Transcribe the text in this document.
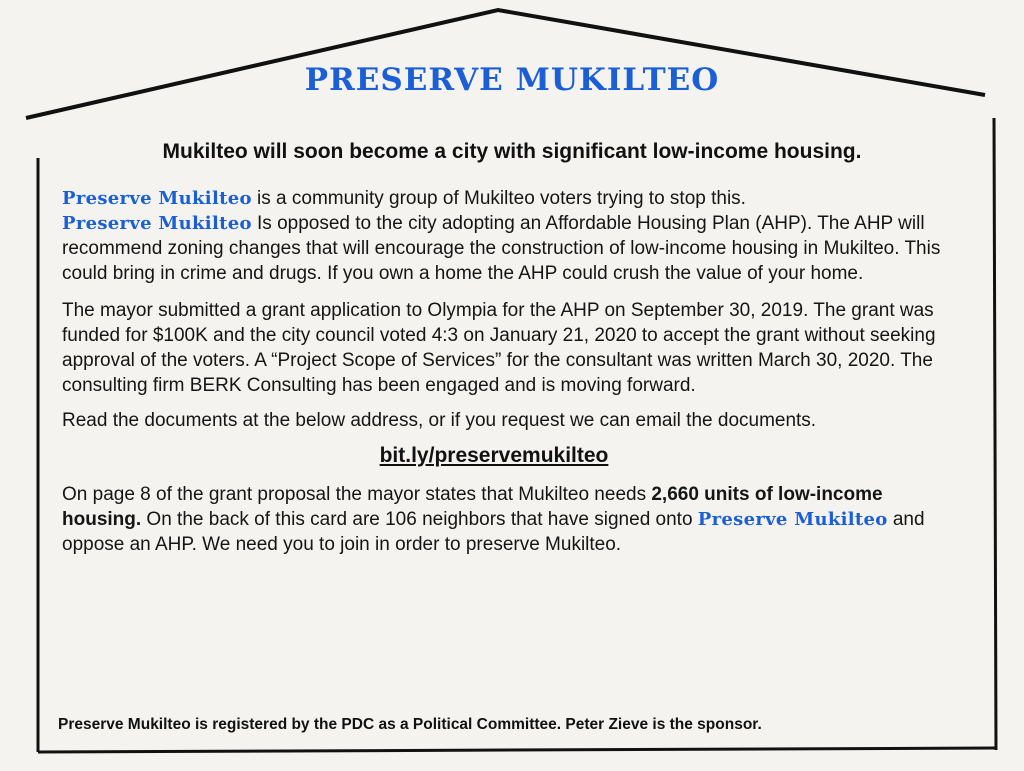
PRESERVE MUKILTEO
Mukilteo will soon become a city with significant low-income housing.

Preserve Mukilteo is a community group of Mukilteo voters trying to stop this.
Preserve Mukilteo Is opposed to the city adopting an Affordable Housing Plan (AHP). The AHP will recommend zoning changes that will encourage the construction of low-income housing in Mukilteo. This could bring in crime and drugs. If you own a home the AHP could crush the value of your home.

The mayor submitted a grant application to Olympia for the AHP on September 30, 2019. The grant was funded for $100K and the city council voted 4:3 on January 21, 2020 to accept the grant without seeking approval of the voters. A “Project Scope of Services” for the consultant was written March 30, 2020. The consulting firm BERK Consulting has been engaged and is moving forward.

Read the documents at the below address, or if you request we can email the documents.

bit.ly/preservemukilteo

On page 8 of the grant proposal the mayor states that Mukilteo needs 2,660 units of low-income housing. On the back of this card are 106 neighbors that have signed onto Preserve Mukilteo and oppose an AHP. We need you to join in order to preserve Mukilteo.

Preserve Mukilteo is registered by the PDC as a Political Committee. Peter Zieve is the sponsor.
